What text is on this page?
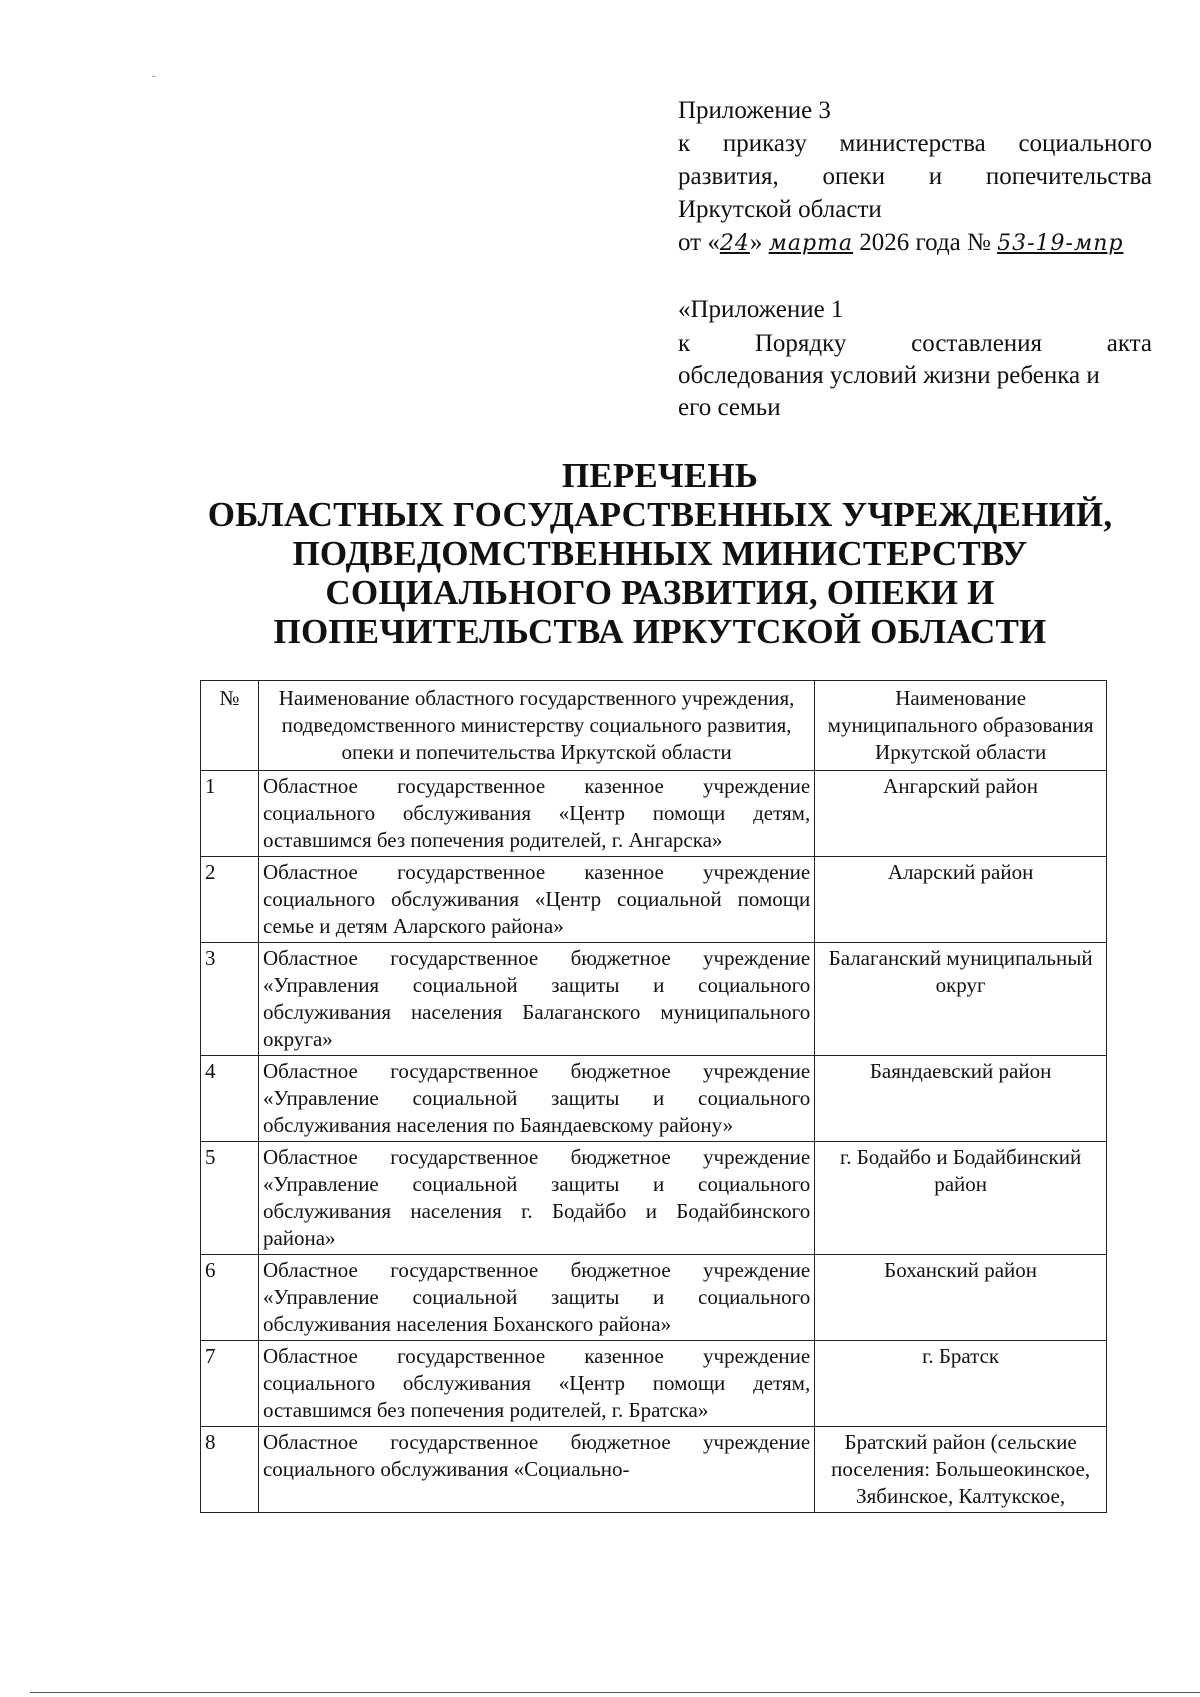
Приложение 3
к приказу министерства социального
развития, опеки и попечительства
Иркутской области
от «24» марта 2026 года № 53-19-мпр
«Приложение 1
к Порядку составления акта
обследования условий жизни ребенка и
его семьи
ПЕРЕЧЕНЬ
ОБЛАСТНЫХ ГОСУДАРСТВЕННЫХ УЧРЕЖДЕНИЙ,
ПОДВЕДОМСТВЕННЫХ МИНИСТЕРСТВУ
СОЦИАЛЬНОГО РАЗВИТИЯ, ОПЕКИ И
ПОПЕЧИТЕЛЬСТВА ИРКУТСКОЙ ОБЛАСТИ
№	Наименование областного государственного учреждения, подведомственного министерству социального развития, опеки и попечительства Иркутской области	Наименование муниципального образования Иркутской области
1	Областное государственное казенное учреждение социального обслуживания «Центр помощи детям, оставшимся без попечения родителей, г. Ангарска»	Ангарский район
2	Областное государственное казенное учреждение социального обслуживания «Центр социальной помощи семье и детям Аларского района»	Аларский район
3	Областное государственное бюджетное учреждение «Управления социальной защиты и социального обслуживания населения Балаганского муниципального округа»	Балаганский муниципальный округ
4	Областное государственное бюджетное учреждение «Управление социальной защиты и социального обслуживания населения по Баяндаевскому району»	Баяндаевский район
5	Областное государственное бюджетное учреждение «Управление социальной защиты и социального обслуживания населения г. Бодайбо и Бодайбинского района»	г. Бодайбо и Бодайбинский район
6	Областное государственное бюджетное учреждение «Управление социальной защиты и социального обслуживания населения Боханского района»	Боханский район
7	Областное государственное казенное учреждение социального обслуживания «Центр помощи детям, оставшимся без попечения родителей, г. Братска»	г. Братск
8	Областное государственное бюджетное учреждение социального обслуживания «Социально-	Братский район (сельские поселения: Большеокинское, Зябинское, Калтукское,
